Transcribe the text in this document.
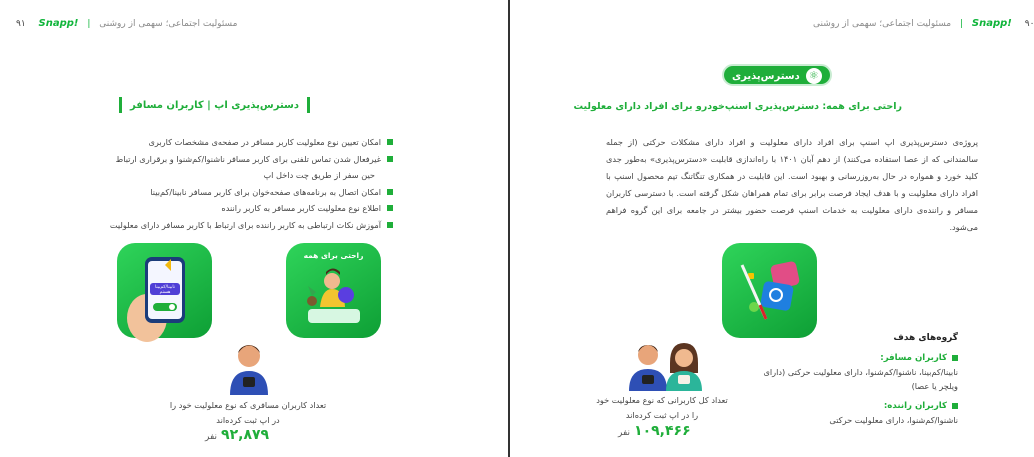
۹۱ Snapp! | مسئولیت اجتماعی؛ سهمی از روشنی
دسترس‌پذیری اپ | کاربران مسافر
امکان تعیین نوع معلولیت کاربر مسافر در صفحه‌ی مشخصات کاربری
غیرفعال شدن تماس تلفنی برای کاربر مسافر ناشنوا/کم‌شنوا و برقراری ارتباط
حین سفر از طریق چت داخل اپ
امکان اتصال به برنامه‌های صفحه‌خوان برای کاربر مسافر نابینا/کم‌بینا
اطلاع نوع معلولیت کاربر مسافر به کاربر راننده
آموزش نکات ارتباطی به کاربر راننده برای ارتباط با کاربر مسافر دارای معلولیت
نابینا/کم‌بینا هستم
راحتی برای همه
تعداد کاربران مسافری که نوع معلولیت خود را در اپ ثبت کرده‌اند
۹۲,۸۷۹نفر
مسئولیت اجتماعی؛ سهمی از روشنی | Snapp! ۹۰
⚛دسترس‌پذیری
راحتی برای همه: دسترس‌پذیری اسنپ‌خودرو برای افراد دارای معلولیت
پروژه‌ی دسترس‌پذیری اپ اسنپ برای افراد دارای معلولیت و افراد دارای مشکلات حرکتی (از جمله سالمندانی که از عصا استفاده می‌کنند) از دهم آبان ۱۴۰۱ با راه‌اندازی قابلیت «دسترس‌پذیری» به‌طور جدی کلید خورد و همواره در حال به‌روزرسانی و بهبود است. این قابلیت در همکاری تنگاتنگ تیم محصول اسنپ با افراد دارای معلولیت و با هدف ایجاد فرصت برابر برای تمام همراهان شکل گرفته است. با دسترسی کاربران مسافر و راننده‌ی دارای معلولیت به خدمات اسنپ فرصت حضور بیشتر در جامعه برای این گروه فراهم می‌شود.
تعداد کل کاربرانی که نوع معلولیت خود را در اپ ثبت کرده‌اند
۱۰۹,۴۶۶نفر
گروه‌های هدف
کاربران مسافر:
نابینا/کم‌بینا، ناشنوا/کم‌شنوا، دارای معلولیت حرکتی (دارای ویلچر یا عصا)
کاربران راننده:
ناشنوا/کم‌شنوا، دارای معلولیت حرکتی
